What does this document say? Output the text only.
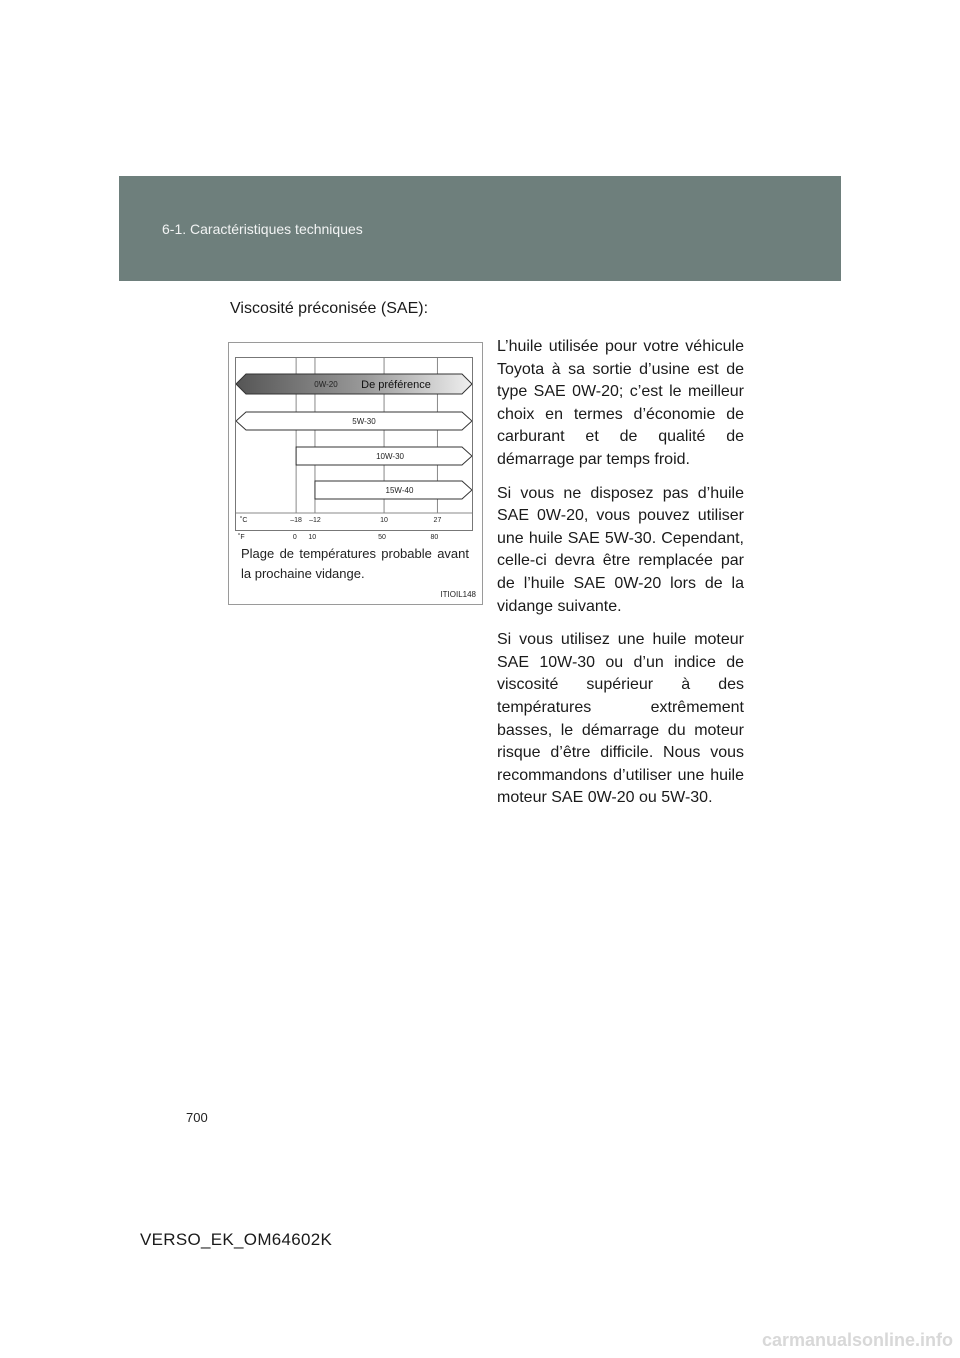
6-1. Caractéristiques techniques
Viscosité préconisée (SAE):
0W-20 De préférence
5W-30
10W-30
15W-40
˚C	–18 –12	10	27
Plage de températures probable avant la prochaine vidange.
ITIOIL148

L’huile utilisée pour votre véhicule Toyota à sa sortie d’usine est de type SAE 0W-20; c’est le meilleur choix en termes d’économie de carburant et de qualité de démarrage par temps froid.

Si vous ne disposez pas d’huile SAE 0W-20, vous pouvez utiliser une huile SAE 5W-30. Cependant, celle-ci devra être remplacée par de l’huile SAE 0W-20 lors de la vidange suivante.

Si vous utilisez une huile moteur SAE 10W-30 ou d’un indice de viscosité supérieur à des températures extrêmement basses, le démarrage du moteur risque d’être difficile. Nous vous recommandons d’utiliser une huile moteur SAE 0W-20 ou 5W-30.

700
VERSO_EK_OM64602K
carmanualsonline.info
˚F	0 10	50	80
